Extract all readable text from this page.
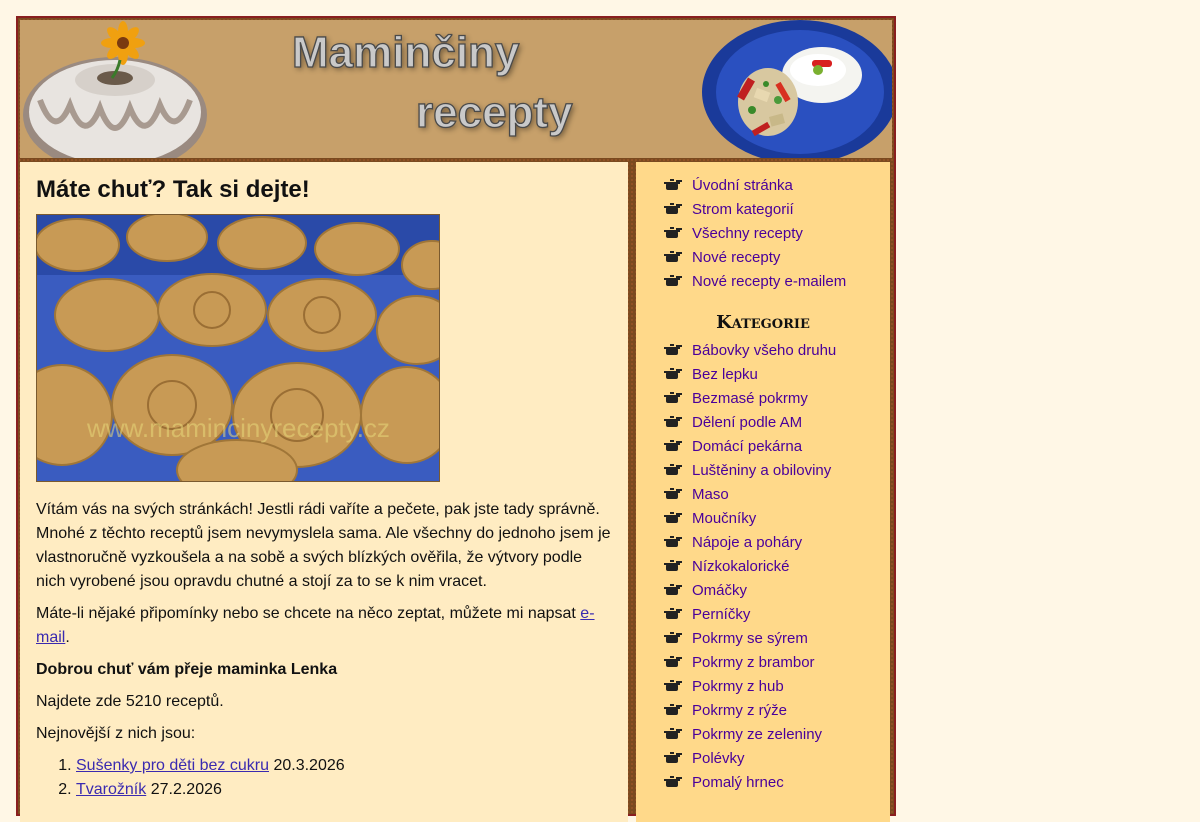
Maminčiny
recepty
Máte chuť? Tak si dejte!
www.mamincinyrecepty.cz

Vítám vás na svých stránkách! Jestli rádi vaříte a pečete, pak jste tady správně. Mnohé z těchto receptů jsem nevymyslela sama. Ale všechny do jednoho jsem je vlastnoručně vyzkoušela a na sobě a svých blízkých ověřila, že výtvory podle nich vyrobené jsou opravdu chutné a stojí za to se k nim vracet.

Máte-li nějaké připomínky nebo se chcete na něco zeptat, můžete mi napsat e-mail.

Dobrou chuť vám přeje maminka Lenka

Najdete zde 5210 receptů.

Nejnovější z nich jsou:

1. Sušenky pro děti bez cukru 20.3.2026
2. Tvarožník 27.2.2026
Úvodní stránka
Strom kategorií
Všechny recepty
Nové recepty
Nové recepty e-mailem
Kategorie
Bábovky všeho druhu
Bez lepku
Bezmasé pokrmy
Dělení podle AM
Domácí pekárna
Luštěniny a obiloviny
Maso
Moučníky
Nápoje a poháry
Nízkokalorické
Omáčky
Perníčky
Pokrmy se sýrem
Pokrmy z brambor
Pokrmy z hub
Pokrmy z rýže
Pokrmy ze zeleniny
Polévky
Pomalý hrnec
